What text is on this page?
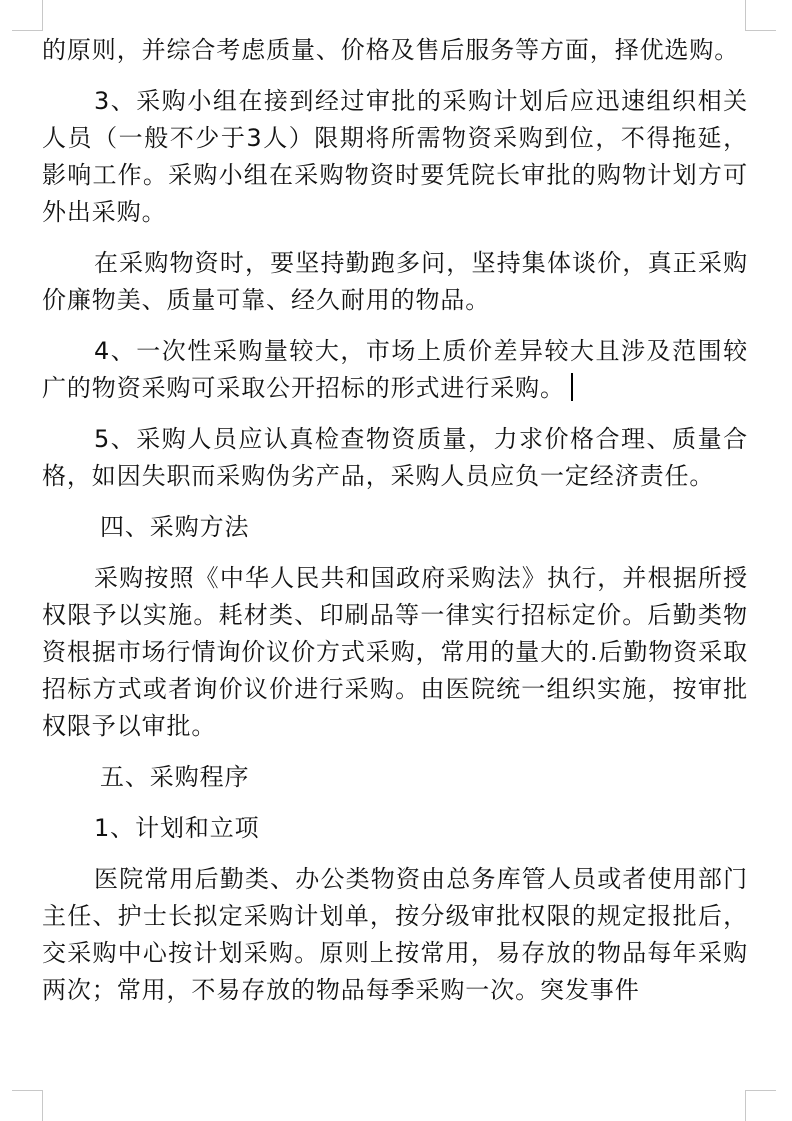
的原则，并综合考虑质量、价格及售后服务等方面，择优选购。

3、采购小组在接到经过审批的采购计划后应迅速组织相关人员（一般不少于3人）限期将所需物资采购到位，不得拖延，影响工作。采购小组在采购物资时要凭院长审批的购物计划方可外出采购。

在采购物资时，要坚持勤跑多问，坚持集体谈价，真正采购价廉物美、质量可靠、经久耐用的物品。

4、一次性采购量较大，市场上质价差异较大且涉及范围较广的物资采购可采取公开招标的形式进行采购。

5、采购人员应认真检查物资质量，力求价格合理、质量合格，如因失职而采购伪劣产品，采购人员应负一定经济责任。

四、采购方法

采购按照《中华人民共和国政府采购法》执行，并根据所授权限予以实施。耗材类、印刷品等一律实行招标定价。后勤类物资根据市场行情询价议价方式采购，常用的量大的.后勤物资采取招标方式或者询价议价进行采购。由医院统一组织实施，按审批权限予以审批。

五、采购程序

1、计划和立项

医院常用后勤类、办公类物资由总务库管人员或者使用部门主任、护士长拟定采购计划单，按分级审批权限的规定报批后，交采购中心按计划采购。原则上按常用，易存放的物品每年采购两次；常用，不易存放的物品每季采购一次。突发事件
